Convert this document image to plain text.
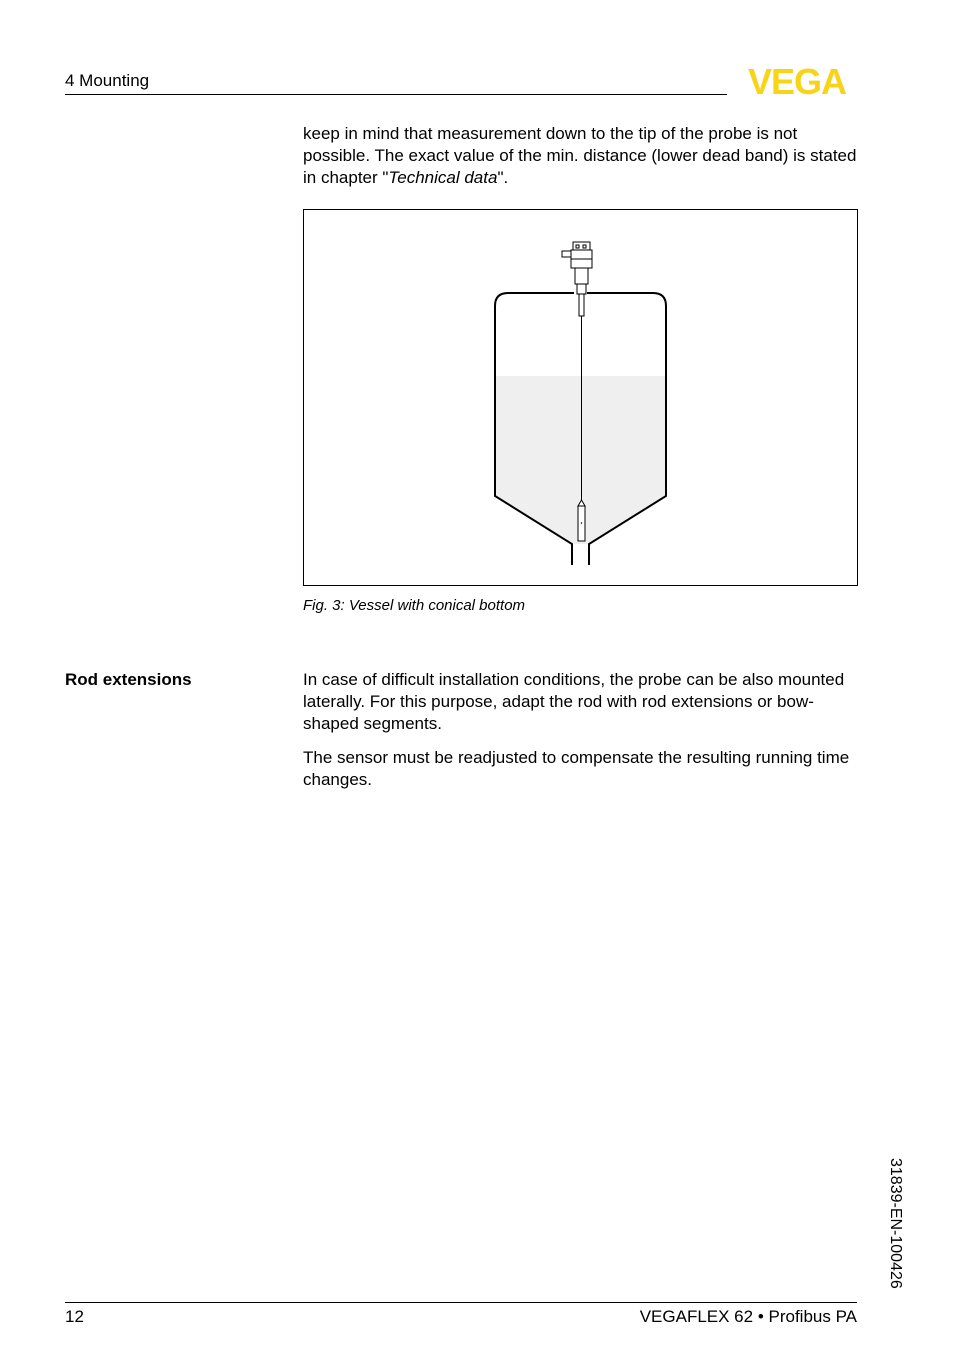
4 Mounting	VEGA

keep in mind that measurement down to the tip of the probe is not possible. The exact value of the min. distance (lower dead band) is stated in chapter "Technical data".

Fig. 3: Vessel with conical bottom
Rod extensions	In case of difficult installation conditions, the probe can be also mounted laterally. For this purpose, adapt the rod with rod extensions or bow-shaped segments.

The sensor must be readjusted to compensate the resulting running time changes.

31839-EN-100426
12	VEGAFLEX 62 • Profibus PA
